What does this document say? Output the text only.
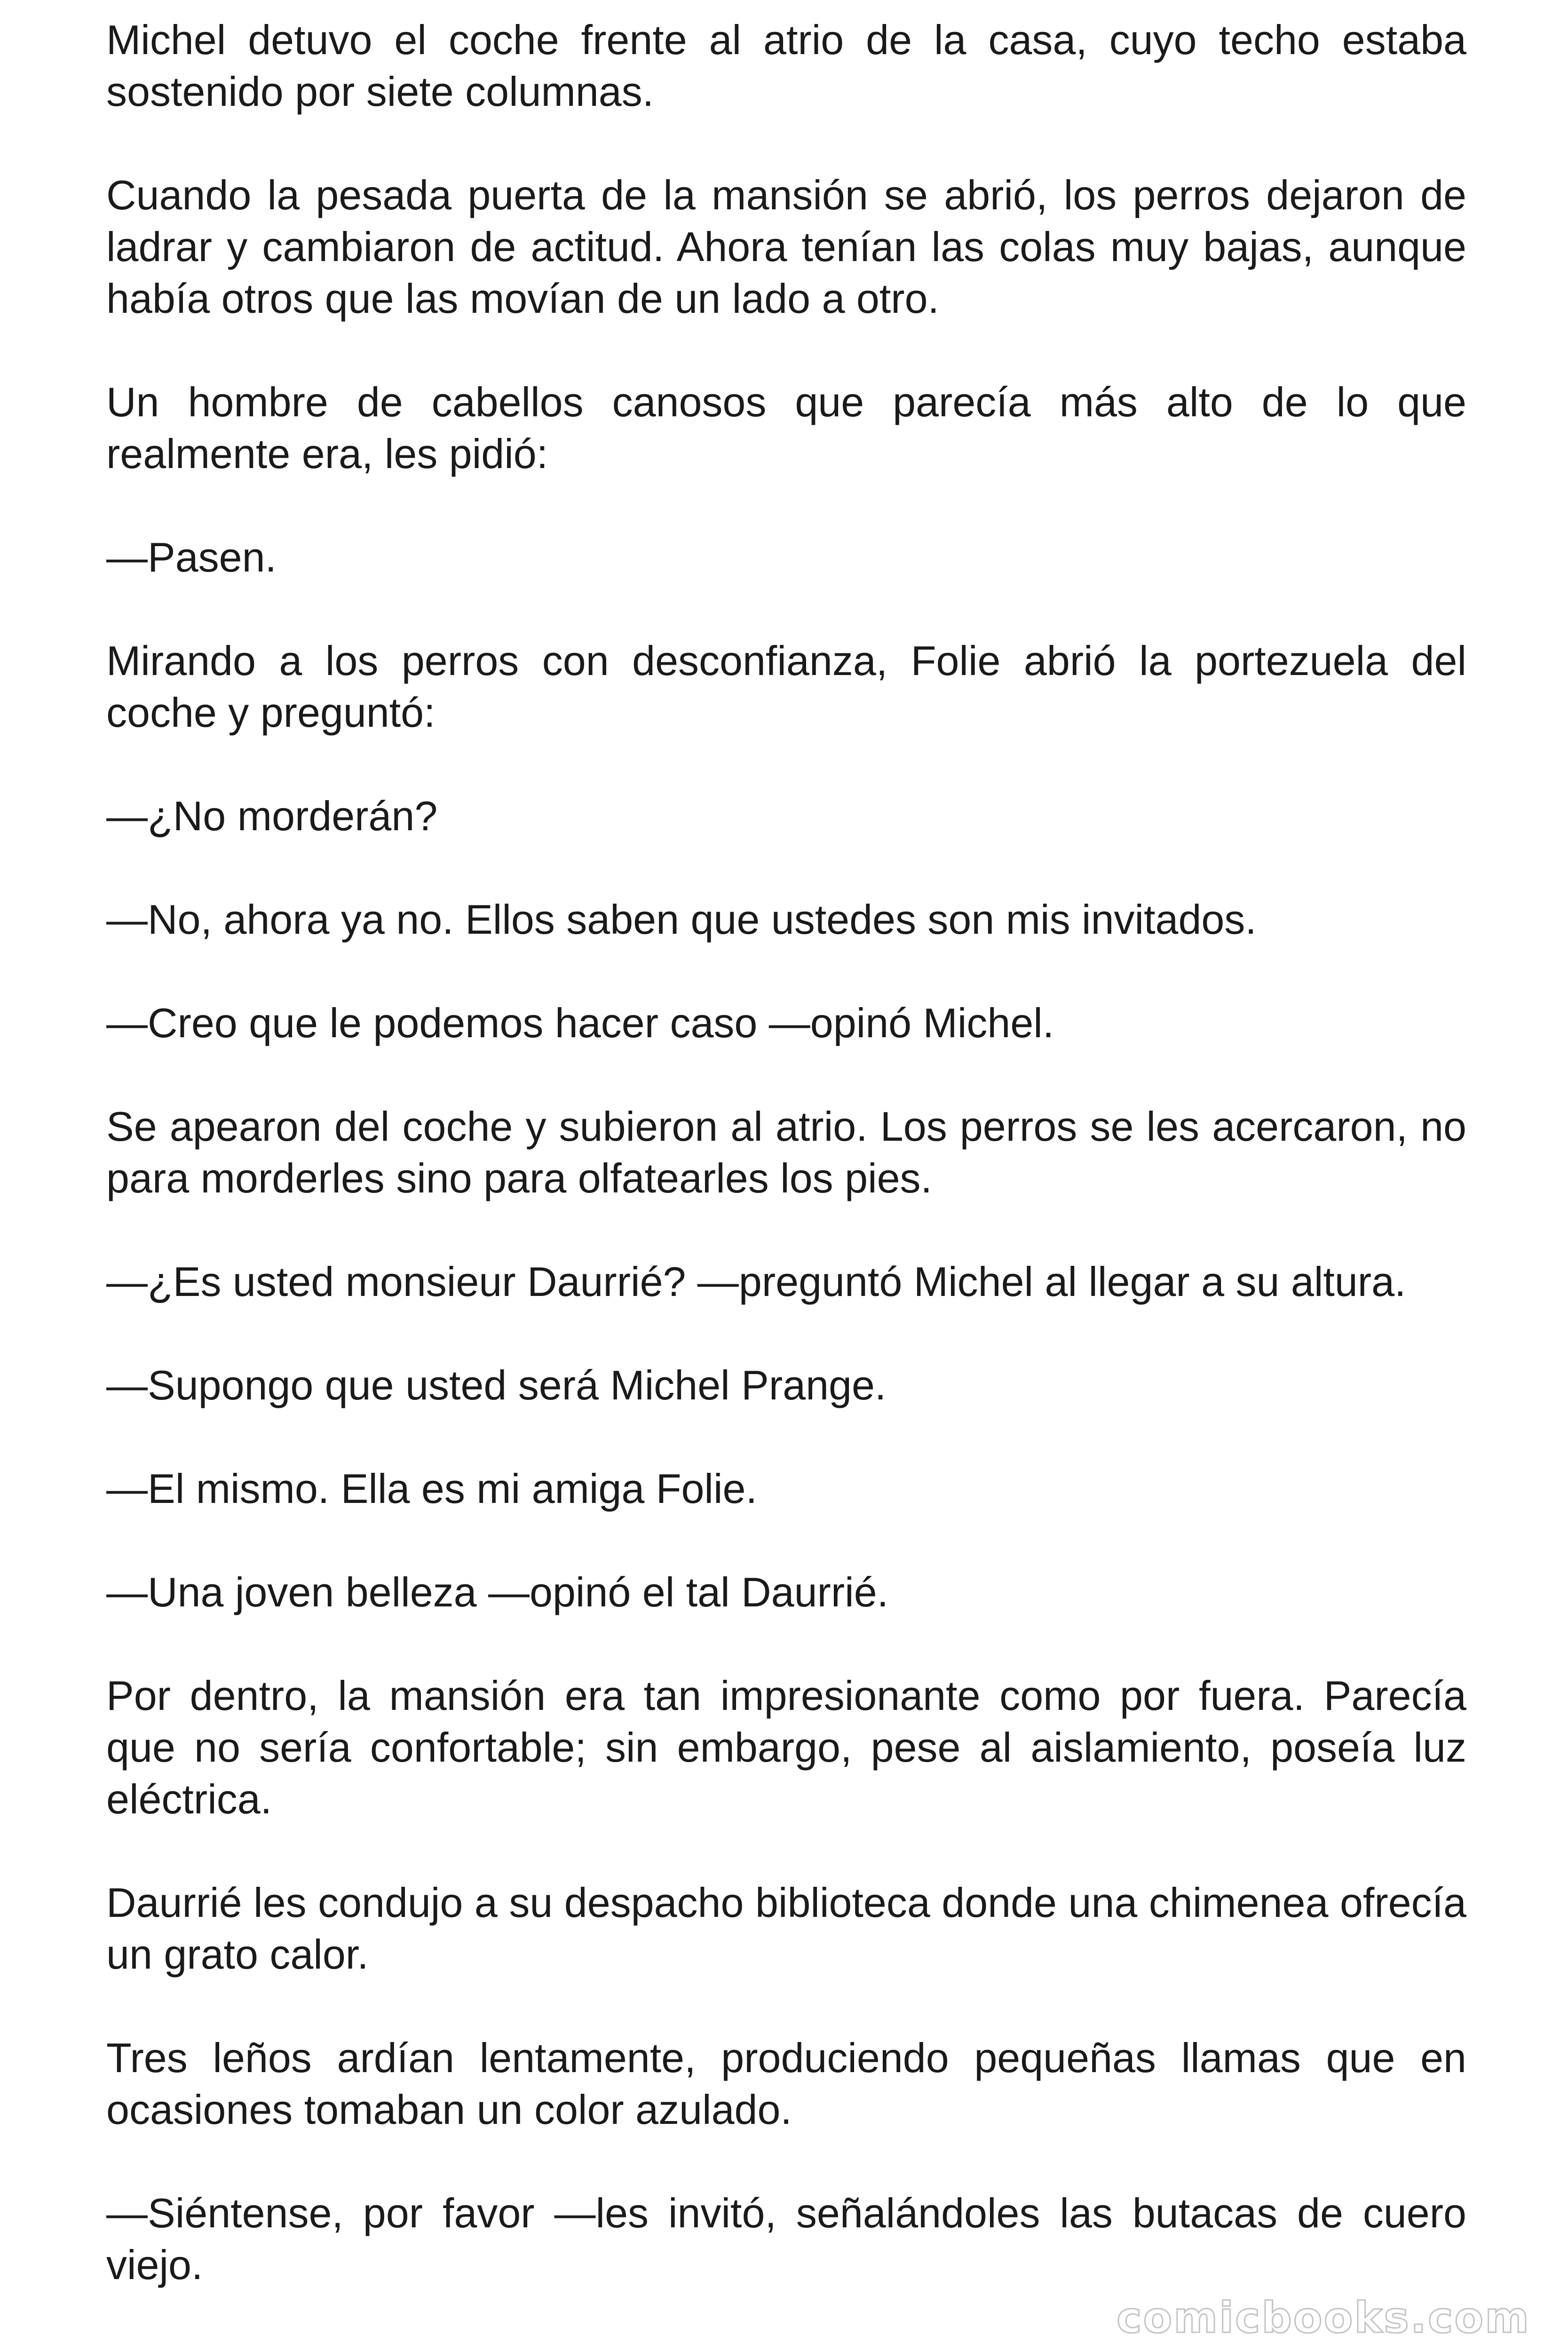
Michel detuvo el coche frente al atrio de la casa, cuyo techo estaba sostenido por siete columnas.

Cuando la pesada puerta de la mansión se abrió, los perros dejaron de ladrar y cambiaron de actitud. Ahora tenían las colas muy bajas, aunque había otros que las movían de un lado a otro.

Un hombre de cabellos canosos que parecía más alto de lo que realmente era, les pidió:

—Pasen.

Mirando a los perros con desconfianza, Folie abrió la portezuela del coche y preguntó:

—¿No morderán?

—No, ahora ya no. Ellos saben que ustedes son mis invitados.

—Creo que le podemos hacer caso —opinó Michel.

Se apearon del coche y subieron al atrio. Los perros se les acercaron, no para morderles sino para olfatearles los pies.

—¿Es usted monsieur Daurrié? —preguntó Michel al llegar a su altura.

—Supongo que usted será Michel Prange.

—El mismo. Ella es mi amiga Folie.

—Una joven belleza —opinó el tal Daurrié.

Por dentro, la mansión era tan impresionante como por fuera. Parecía que no sería confortable; sin embargo, pese al aislamiento, poseía luz eléctrica.

Daurrié les condujo a su despacho biblioteca donde una chimenea ofrecía un grato calor.

Tres leños ardían lentamente, produciendo pequeñas llamas que en ocasiones tomaban un color azulado.

—Siéntense, por favor —les invitó, señalándoles las butacas de cuero viejo.

comicbooks.com
